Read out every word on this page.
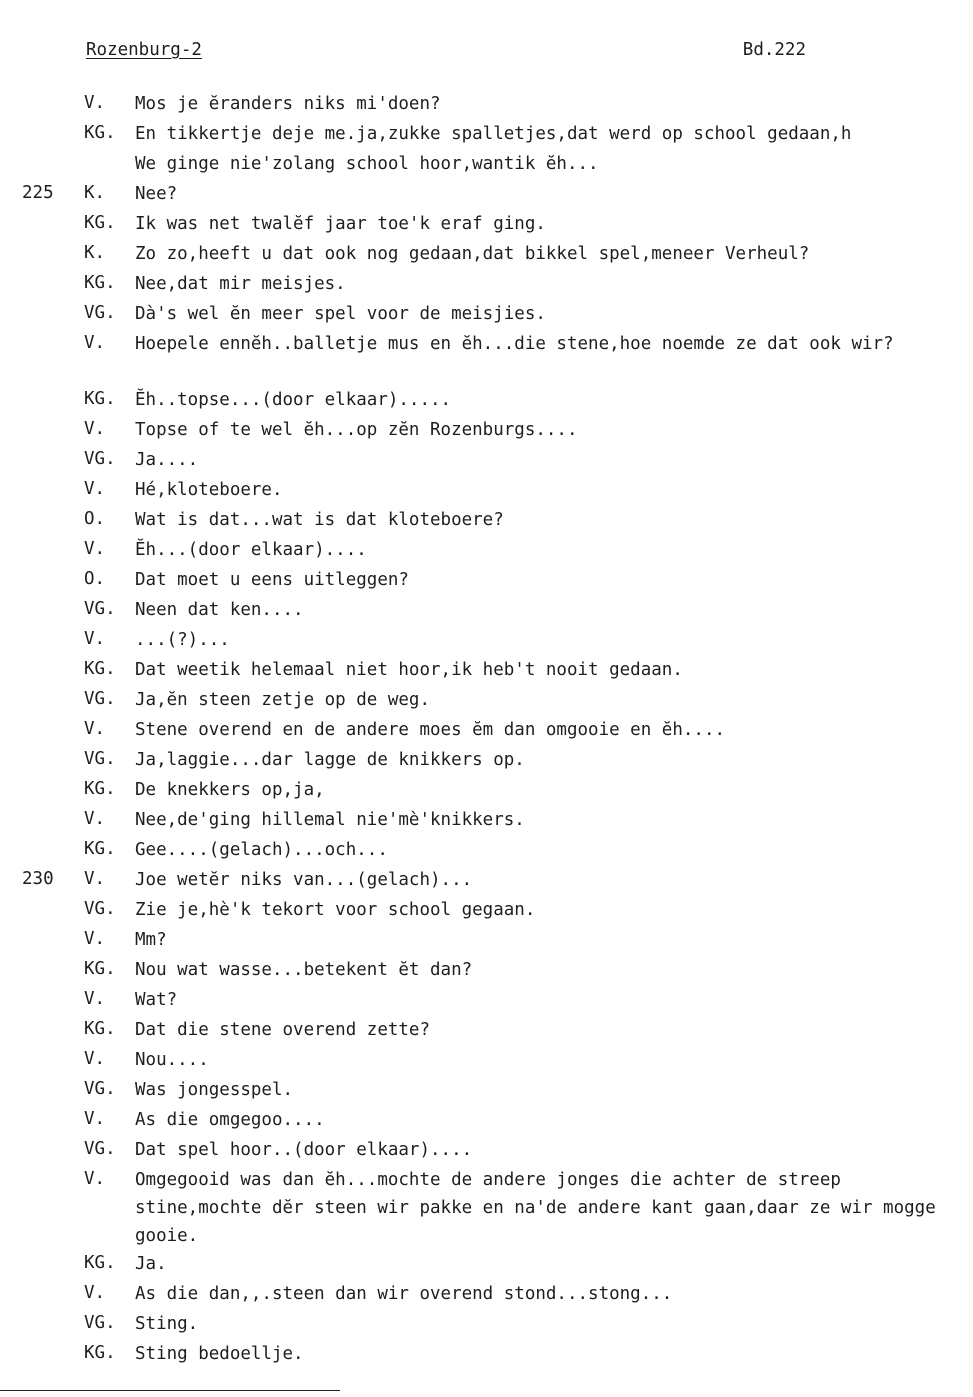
Rozenburg-2	Bd.222
V. Mos je ĕranders niks mi'doen?
KG. En tikkertje deje me.ja,zukke spalletjes,dat werd op school gedaan,h
We ginge nie'zolang school hoor,wantik ĕh...
225 K. Nee?
KG. Ik was net twalĕf jaar toe'k eraf ging.
K. Zo zo,heeft u dat ook nog gedaan,dat bikkel spel,meneer Verheul?
KG. Nee,dat mir meisjes.
VG. Dà's wel ĕn meer spel voor de meisjies.
V. Hoepele ennĕh..balletje mus en ĕh...die stene,hoe noemde ze dat ook wir?
KG. Ĕh..topse...(door elkaar).....
V. Topse of te wel ĕh...op zĕn Rozenburgs....
VG. Ja....
V. Hé,kloteboere.
O. Wat is dat...wat is dat kloteboere?
V. Ĕh...(door elkaar)....
O. Dat moet u eens uitleggen?
VG. Neen dat ken....
V. ...(?)...
KG. Dat weetik helemaal niet hoor,ik heb't nooit gedaan.
VG. Ja,ĕn steen zetje op de weg.
V. Stene overend en de andere moes ĕm dan omgooie en ĕh....
VG. Ja,laggie...dar lagge de knikkers op.
KG. De knekkers op,ja,
V. Nee,de'ging hillemal nie'mè'knikkers.
KG. Gee....(gelach)...och...
230 V. Joe wetĕr niks van...(gelach)...
VG. Zie je,hè'k tekort voor school gegaan.
V. Mm?
KG. Nou wat wasse...betekent ĕt dan?
V. Wat?
KG. Dat die stene overend zette?
V. Nou....
VG. Was jongesspel.
V. As die omgegoo....
VG. Dat spel hoor..(door elkaar)....
V. Omgegooid was dan ĕh...mochte de andere jonges die achter de streep stine,mochte dĕr steen wir pakke en na'de andere kant gaan,daar ze wir mogge gooie.
KG. Ja.
V. As die dan,,.steen dan wir overend stond...stong...
VG. Sting.
KG. Sting bedoellje.
